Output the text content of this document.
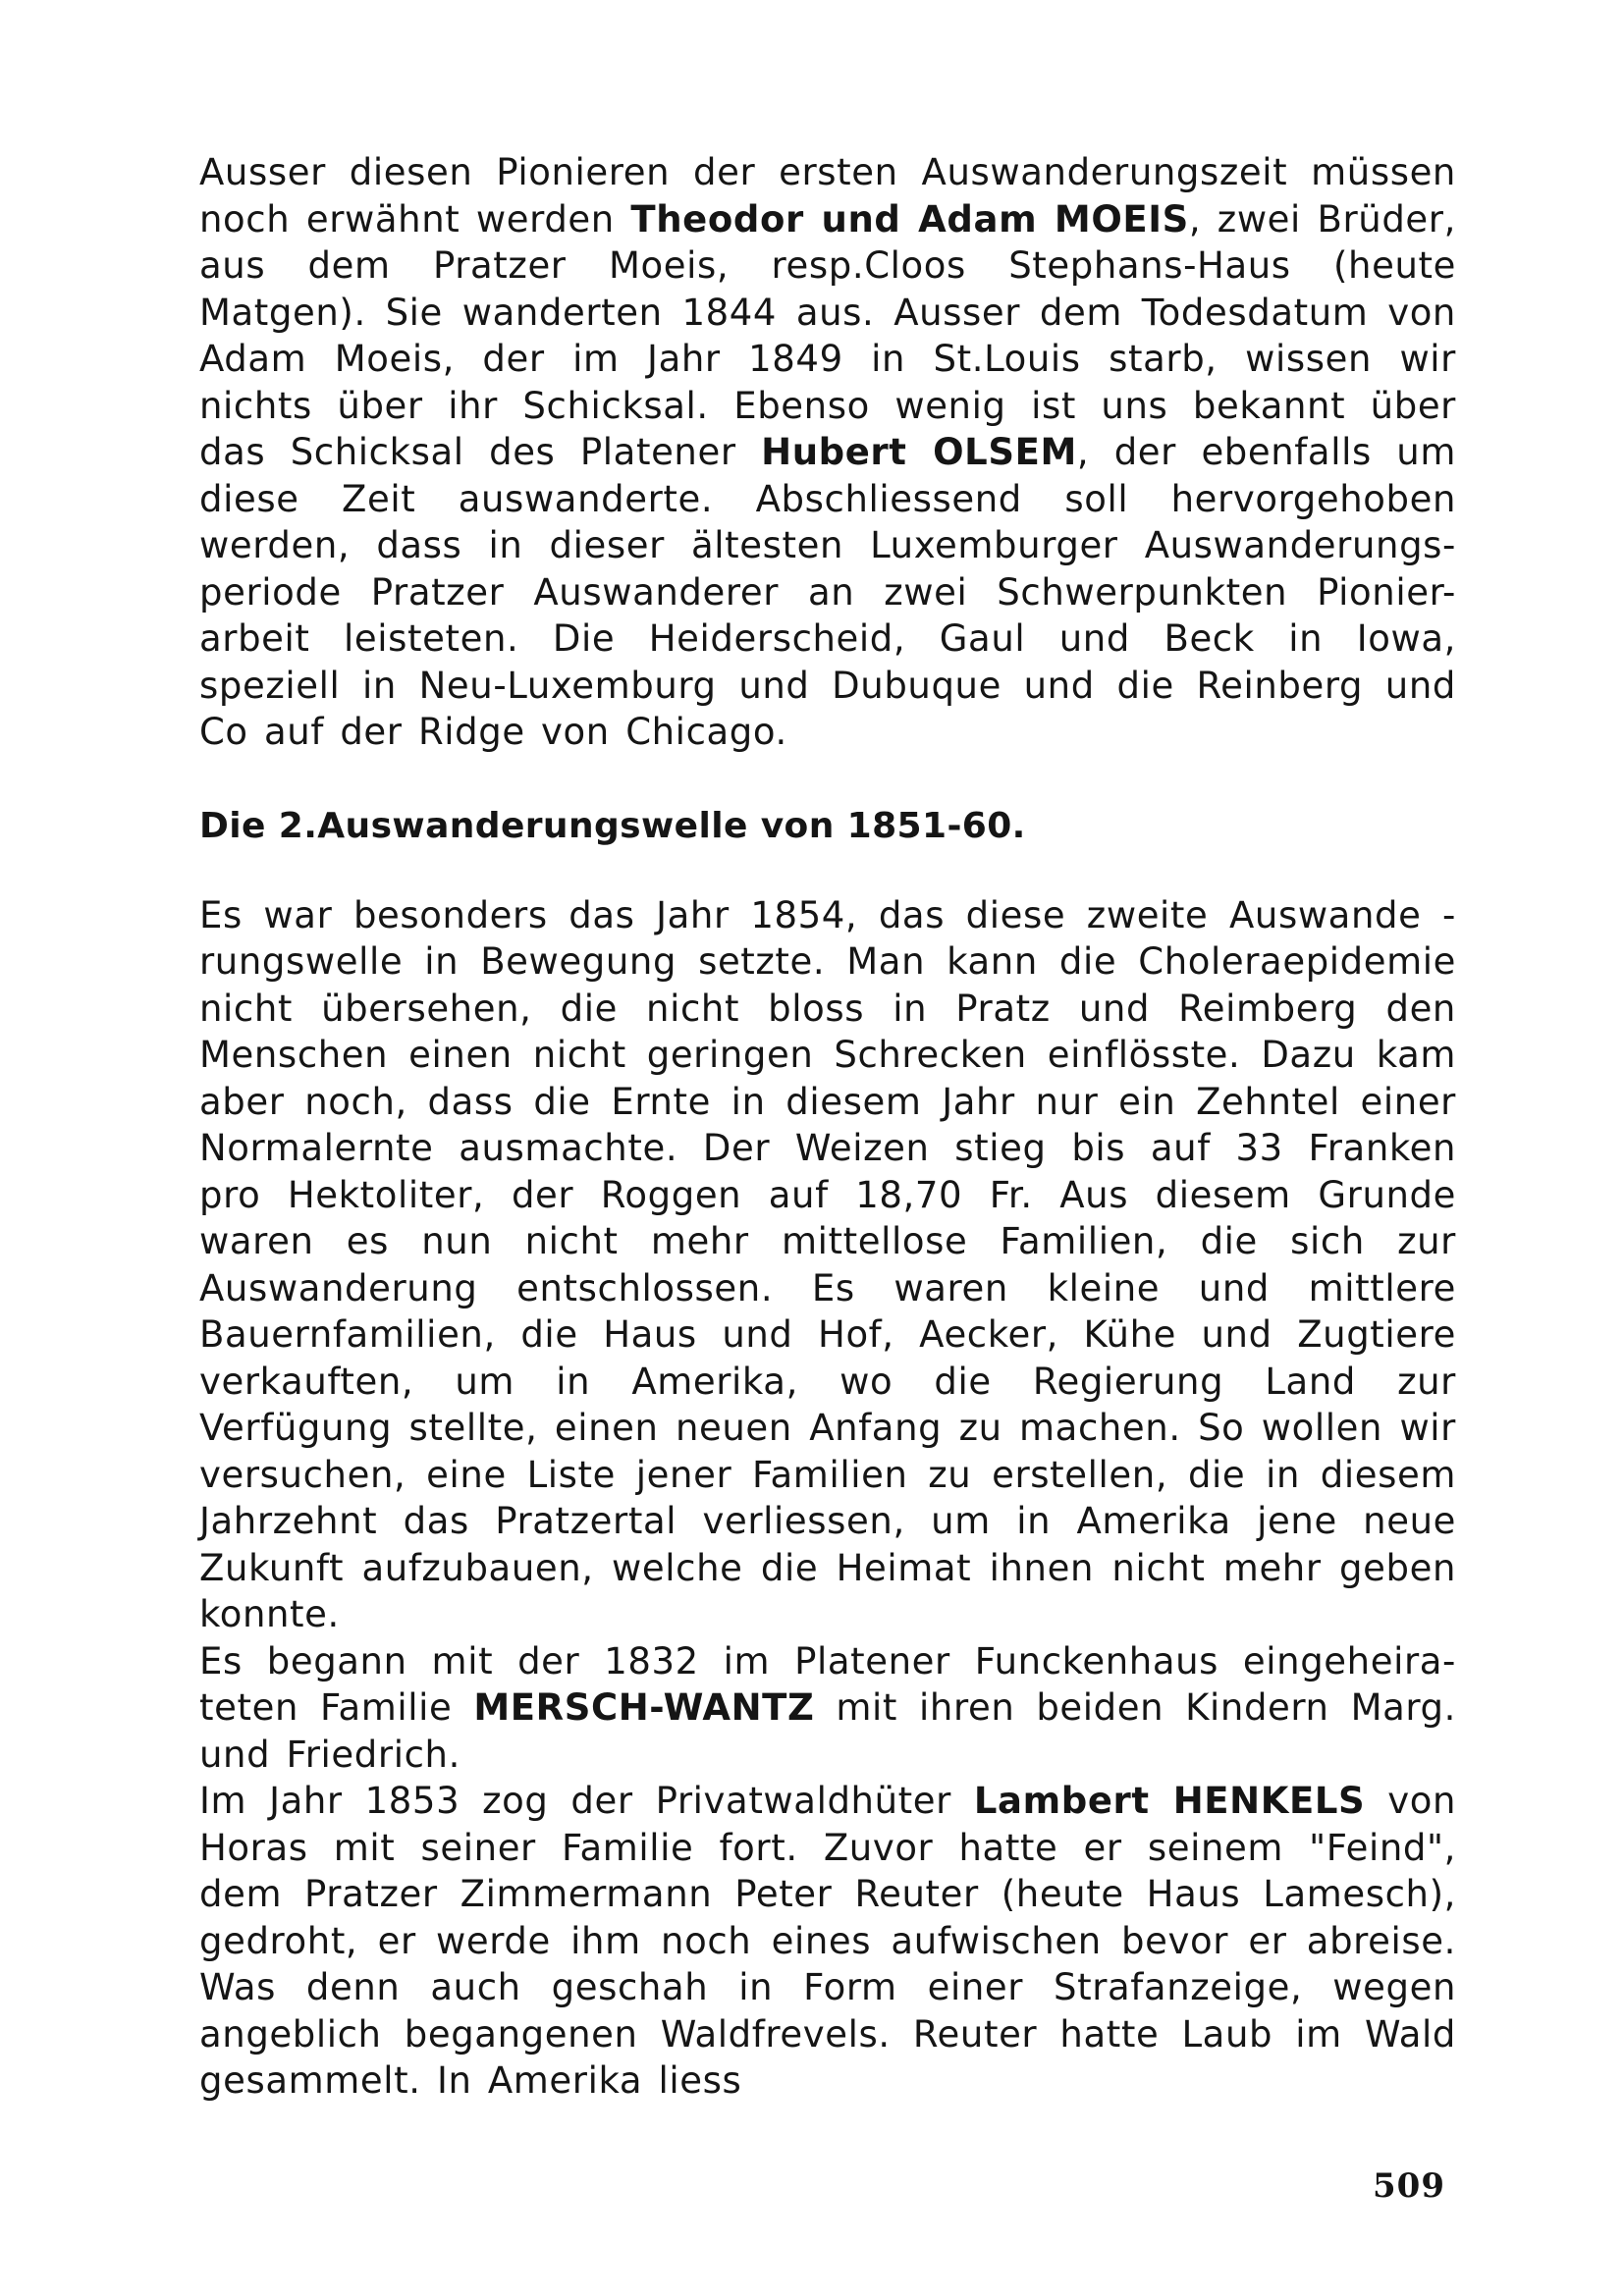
Ausser diesen Pionieren der ersten Auswanderungszeit müssen noch erwähnt werden Theodor und Adam MOEIS, zwei Brüder, aus dem Pratzer Moeis, resp.Cloos Stephans-Haus (heute Matgen). Sie wanderten 1844 aus. Ausser dem Todesdatum von Adam Moeis, der im Jahr 1849 in St.Louis starb, wissen wir nichts über ihr Schicksal. Ebenso wenig ist uns bekannt über das Schicksal des Platener Hubert OLSEM, der ebenfalls um diese Zeit auswanderte. Abschliessend soll hervorgehoben werden, dass in dieser ältesten Luxemburger Auswanderungs- periode Pratzer Auswanderer an zwei Schwerpunkten Pionier- arbeit leisteten. Die Heiderscheid, Gaul und Beck in Iowa, speziell in Neu-Luxemburg und Dubuque und die Reinberg und Co auf der Ridge von Chicago.

Die 2.Auswanderungswelle von 1851-60.

Es war besonders das Jahr 1854, das diese zweite Auswande - rungswelle in Bewegung setzte. Man kann die Choleraepidemie nicht übersehen, die nicht bloss in Pratz und Reimberg den Menschen einen nicht geringen Schrecken einflösste. Dazu kam aber noch, dass die Ernte in diesem Jahr nur ein Zehntel einer Normalernte ausmachte. Der Weizen stieg bis auf 33 Franken pro Hektoliter, der Roggen auf 18,70 Fr. Aus diesem Grunde waren es nun nicht mehr mittellose Familien, die sich zur Auswanderung entschlossen. Es waren kleine und mittlere Bauernfamilien, die Haus und Hof, Aecker, Kühe und Zugtiere verkauften, um in Amerika, wo die Regierung Land zur Verfügung stellte, einen neuen Anfang zu machen. So wollen wir versuchen, eine Liste jener Familien zu erstellen, die in diesem Jahrzehnt das Pratzertal verliessen, um in Amerika jene neue Zukunft aufzubauen, welche die Heimat ihnen nicht mehr geben konnte.

Es begann mit der 1832 im Platener Funckenhaus eingeheira- teten Familie MERSCH-WANTZ mit ihren beiden Kindern Marg. und Friedrich.

Im Jahr 1853 zog der Privatwaldhüter Lambert HENKELS von Horas mit seiner Familie fort. Zuvor hatte er seinem "Feind", dem Pratzer Zimmermann Peter Reuter (heute Haus Lamesch), gedroht, er werde ihm noch eines aufwischen bevor er abreise. Was denn auch geschah in Form einer Strafanzeige, wegen angeblich begangenen Waldfrevels. Reuter hatte Laub im Wald gesammelt. In Amerika liess

509
